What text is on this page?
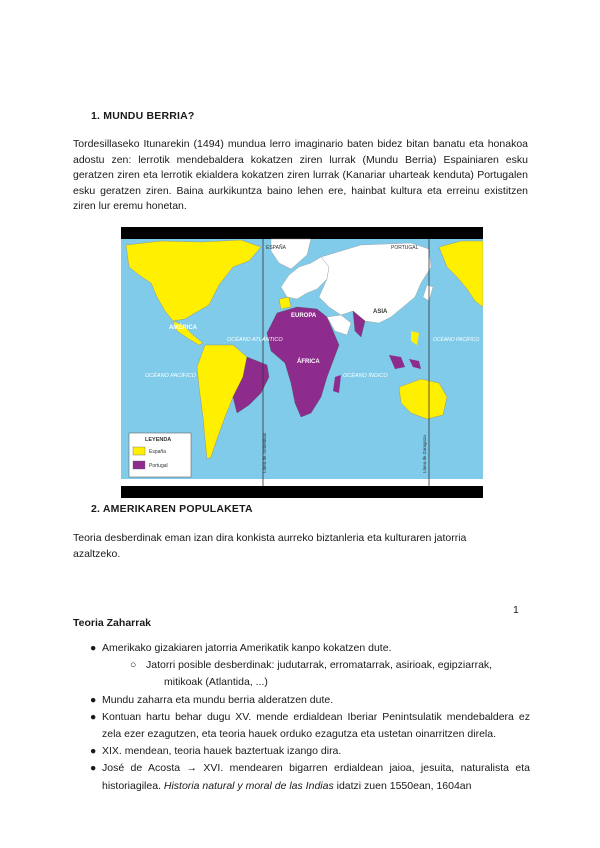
1. MUNDU BERRIA?
Tordesillaseko Itunarekin (1494) mundua lerro imaginario baten bidez bitan banatu eta honakoa adostu zen: lerrotik mendebaldera kokatzen ziren lurrak (Mundu Berria) Espainiaren esku geratzen ziren eta lerrotik ekialdera kokatzen ziren lurrak (Kanariar uharteak kenduta) Portugalen esku geratzen ziren. Baina aurkikuntza baino lehen ere, hainbat kultura eta erreinu existitzen ziren lur eremu honetan.
AMÉRICA
EUROPA
ASIA
ÁFRICA
OCÉANO ATLÁNTICO
OCÉANO ÍNDICO
OCÉANO PACÍFICO
OCÉANO PACÍFICO
ESPAÑA	PORTUGAL
Línea de Tordesillas	Línea de Zaragoza
LEYENDA
España
Portugal
2. AMERIKAREN POPULAKETA
Teoria desberdinak eman izan dira konkista aurreko biztanleria eta kulturaren jatorria azaltzeko.
1
Teoria Zaharrak
● Amerikako gizakiaren jatorria Amerikatik kanpo kokatzen dute.
○ Jatorri posible desberdinak: judutarrak, erromatarrak, asirioak, egipziarrak,
mitikoak (Atlantida, ...)
● Mundu zaharra eta mundu berria alderatzen dute.
● Kontuan hartu behar dugu XV. mende erdialdean Iberiar Penintsulatik mendebaldera ez zela ezer ezagutzen, eta teoria hauek orduko ezagutza eta ustetan oinarritzen direla.
● XIX. mendean, teoria hauek baztertuak izango dira.
● José de Acosta → XVI. mendearen bigarren erdialdean jaioa, jesuita, naturalista eta historiagilea. Historia natural y moral de las Indias idatzi zuen 1550ean, 1604an
